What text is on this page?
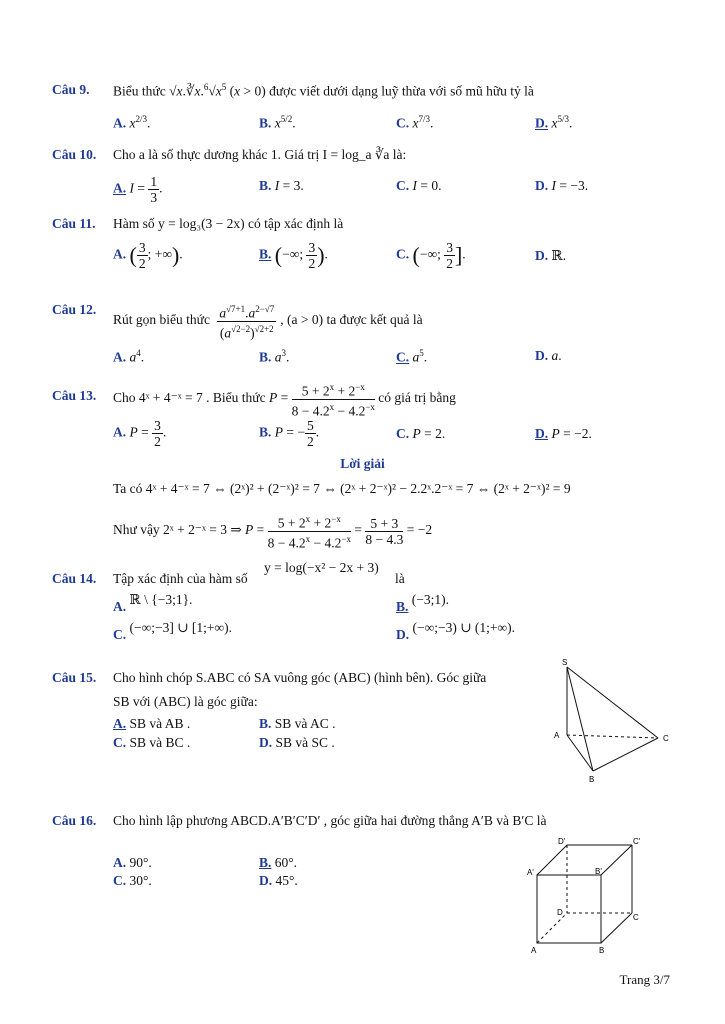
Câu 9. Biểu thức $√x.∛x.^6√x^5$ (x > 0) được viết dưới dạng luỹ thừa với số mũ hữu tỷ là
A. $x^{2/3}$.	B. $x^{5/2}$.	C. $x^{7/3}$.	D. $x^{5/3}$.
Câu 10. Cho a là số thực dương khác 1. Giá trị I = log_a ∛a là:
A. $I = \frac{1}{3}$ .	B. I = 3.	C. I = 0.	D. I = −3.
Câu 11. Hàm số y = log₃(3 − 2x) có tập xác định là
A. ( $\frac{3}{2}$ ; +∞).	B. (−∞; $\frac{3}{2}$ ).	C. (−∞; $\frac{3}{2}$ ].	D. ℝ.
Câu 12.
Rút gọn biểu thức $\frac{a^{√7+1}.a^{2-√7}}{(a^{√2-2})^{√2+2}}$ , (a > 0) ta được kết quả là
A. $a^4$.	B. $a^3$.	C. $a^5$.	D. a.
Câu 13. Cho 4ˣ + 4⁻ˣ = 7 . Biểu thức $P = \frac{5 + 2^x + 2^{-x}}{8 - 4.2^x - 4.2^{-x}}$ có giá trị bằng
A. $P = \frac{3}{2}$ .	B. P = − $\frac{5}{2}$ .	C. P = 2.	D. P = −2.
Lời giải
Ta có 4ˣ + 4⁻ˣ = 7 ⇔ (2ˣ)² + (2⁻ˣ)² = 7 ⇔ (2ˣ + 2⁻ˣ)² − 2.2ˣ.2⁻ˣ = 7 ⇔ (2ˣ + 2⁻ˣ)² = 9
Như vậy 2ˣ + 2⁻ˣ = 3 ⇒ $P = \frac{5 + 2^x + 2^{-x}}{8 - 4.2^x - 4.2^{-x}} = \frac{5 + 3}{8 - 4.3} = -2$
Câu 14. Tập xác định của hàm số
y = log(−x² − 2x + 3)
là
A. ℝ \ {−3;1}.	B. (−3;1).
C. (−∞;−3] ∪ [1;+∞).	D. (−∞;−3) ∪ (1;+∞).
Câu 15. Cho hình chóp S.ABC có SA vuông góc (ABC) (hình bên). Góc giữa
SB với (ABC) là góc giữa:
A. SB và AB .	B. SB và AC .
C. SB và BC .	D. SB và SC .
S
A
B
C
Câu 16. Cho hình lập phương ABCD.A′B′C′D′ , góc giữa hai đường thẳng A′B và B′C là
A. 90°.	B. 60°.
C. 30°.	D. 45°.
D'	C'
A'	B'
D
C
A	B
Trang 3/7
